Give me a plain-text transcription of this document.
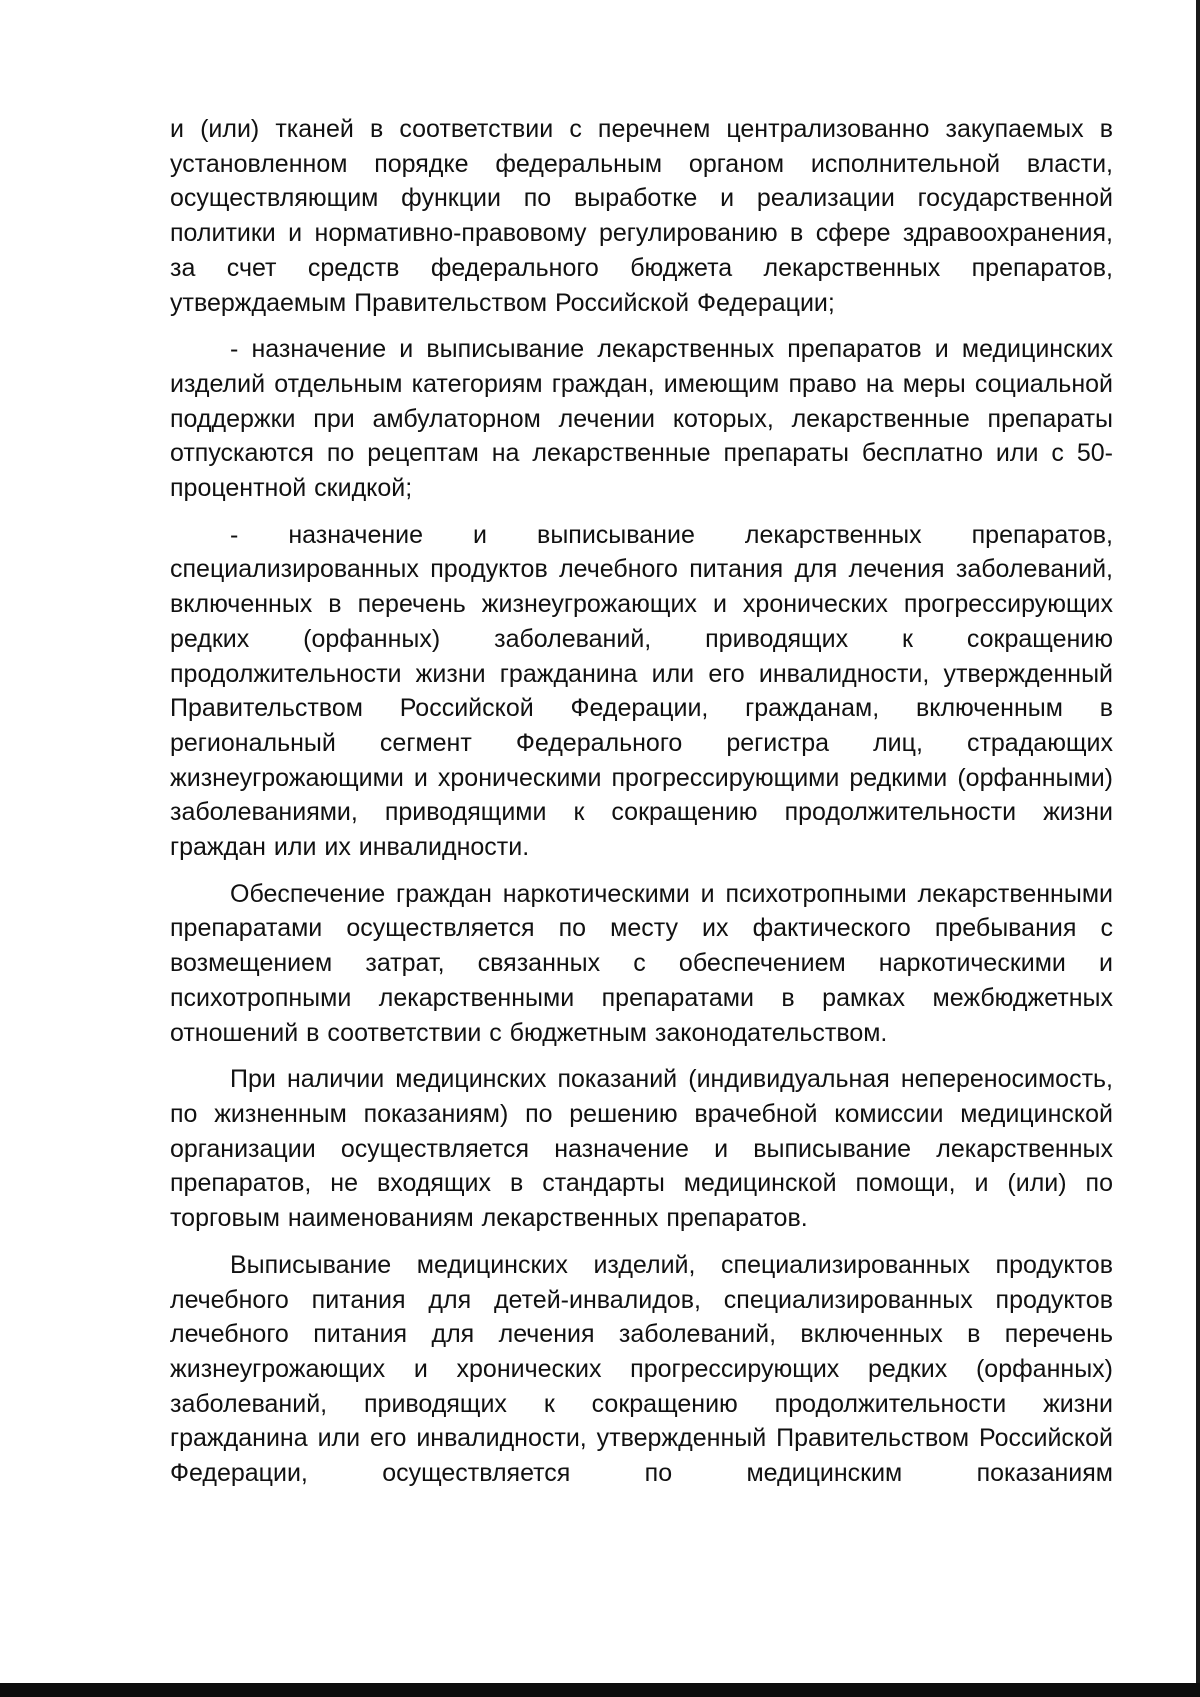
и (или) тканей в соответствии с перечнем централизованно закупаемых в установленном порядке федеральным органом исполнительной власти, осуществляющим функции по выработке и реализации государственной политики и нормативно-правовому регулированию в сфере здравоохранения, за счет средств федерального бюджета лекарственных препаратов, утверждаемым Правительством Российской Федерации;

- назначение и выписывание лекарственных препаратов и медицинских изделий отдельным категориям граждан, имеющим право на меры социальной поддержки при амбулаторном лечении которых, лекарственные препараты отпускаются по рецептам на лекарственные препараты бесплатно или с 50-процентной скидкой;

- назначение и выписывание лекарственных препаратов, специализированных продуктов лечебного питания для лечения заболеваний, включенных в перечень жизнеугрожающих и хронических прогрессирующих редких (орфанных) заболеваний, приводящих к сокращению продолжительности жизни гражданина или его инвалидности, утвержденный Правительством Российской Федерации, гражданам, включенным в региональный сегмент Федерального регистра лиц, страдающих жизнеугрожающими и хроническими прогрессирующими редкими (орфанными) заболеваниями, приводящими к сокращению продолжительности жизни граждан или их инвалидности.

Обеспечение граждан наркотическими и психотропными лекарственными препаратами осуществляется по месту их фактического пребывания с возмещением затрат, связанных с обеспечением наркотическими и психотропными лекарственными препаратами в рамках межбюджетных отношений в соответствии с бюджетным законодательством.

При наличии медицинских показаний (индивидуальная непереносимость, по жизненным показаниям) по решению врачебной комиссии медицинской организации осуществляется назначение и выписывание лекарственных препаратов, не входящих в стандарты медицинской помощи, и (или) по торговым наименованиям лекарственных препаратов.

Выписывание медицинских изделий, специализированных продуктов лечебного питания для детей-инвалидов, специализированных продуктов лечебного питания для лечения заболеваний, включенных в перечень жизнеугрожающих и хронических прогрессирующих редких (орфанных) заболеваний, приводящих к сокращению продолжительности жизни гражданина или его инвалидности, утвержденный Правительством Российской Федерации, осуществляется по медицинским показаниям
